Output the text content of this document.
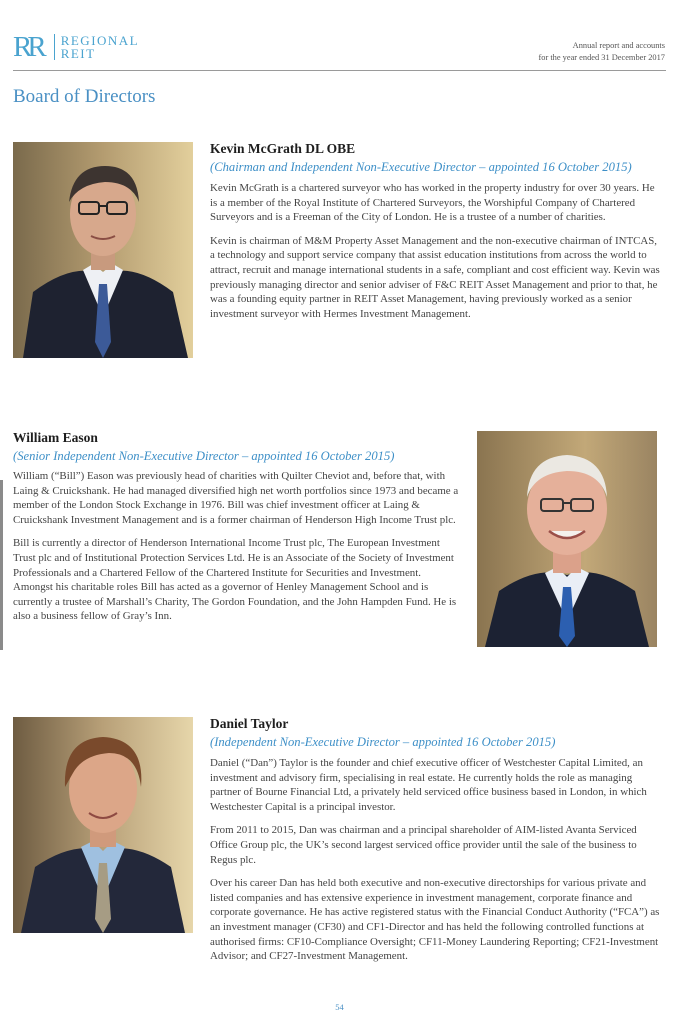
RR REGIONAL
REIT
Annual report and accounts
for the year ended 31 December 2017
Board of Directors
Kevin McGrath DL OBE
(Chairman and Independent Non-Executive Director – appointed 16 October 2015)

Kevin McGrath is a chartered surveyor who has worked in the property industry for over 30 years. He is a member of the Royal Institute of Chartered Surveyors, the Worshipful Company of Chartered Surveyors and is a Freeman of the City of London. He is a trustee of a number of charities.

Kevin is chairman of M&M Property Asset Management and the non-executive chairman of INTCAS, a technology and support service company that assist education institutions from across the world to attract, recruit and manage international students in a safe, compliant and cost efficient way. Kevin was previously managing director and senior adviser of F&C REIT Asset Management and prior to that, he was a founding equity partner in REIT Asset Management, having previously worked as a senior investment surveyor with Hermes Investment Management.

William Eason
(Senior Independent Non-Executive Director – appointed 16 October 2015)

William (“Bill”) Eason was previously head of charities with Quilter Cheviot and, before that, with Laing & Cruickshank. He had managed diversified high net worth portfolios since 1973 and became a member of the London Stock Exchange in 1976. Bill was chief investment officer at Laing & Cruickshank Investment Management and is a former chairman of Henderson High Income Trust plc.

Bill is currently a director of Henderson International Income Trust plc, The European Investment Trust plc and of Institutional Protection Services Ltd. He is an Associate of the Society of Investment Professionals and a Chartered Fellow of the Chartered Institute for Securities and Investment. Amongst his charitable roles Bill has acted as a governor of Henley Management School and is currently a trustee of Marshall’s Charity, The Gordon Foundation, and the John Hampden Fund. He is also a business fellow of Gray’s Inn.

Daniel Taylor
(Independent Non-Executive Director – appointed 16 October 2015)

Daniel (“Dan”) Taylor is the founder and chief executive officer of Westchester Capital Limited, an investment and advisory firm, specialising in real estate. He currently holds the role as managing partner of Bourne Financial Ltd, a privately held serviced office business based in London, in which Westchester Capital is a principal investor.

From 2011 to 2015, Dan was chairman and a principal shareholder of AIM-listed Avanta Serviced Office Group plc, the UK’s second largest serviced office provider until the sale of the business to Regus plc.

Over his career Dan has held both executive and non-executive directorships for various private and listed companies and has extensive experience in investment management, corporate finance and corporate governance. He has active registered status with the Financial Conduct Authority (“FCA”) as an investment manager (CF30) and CF1-Director and has held the following controlled functions at authorised firms: CF10-Compliance Oversight; CF11-Money Laundering Reporting; CF21-Investment Advisor; and CF27-Investment Management.

54
